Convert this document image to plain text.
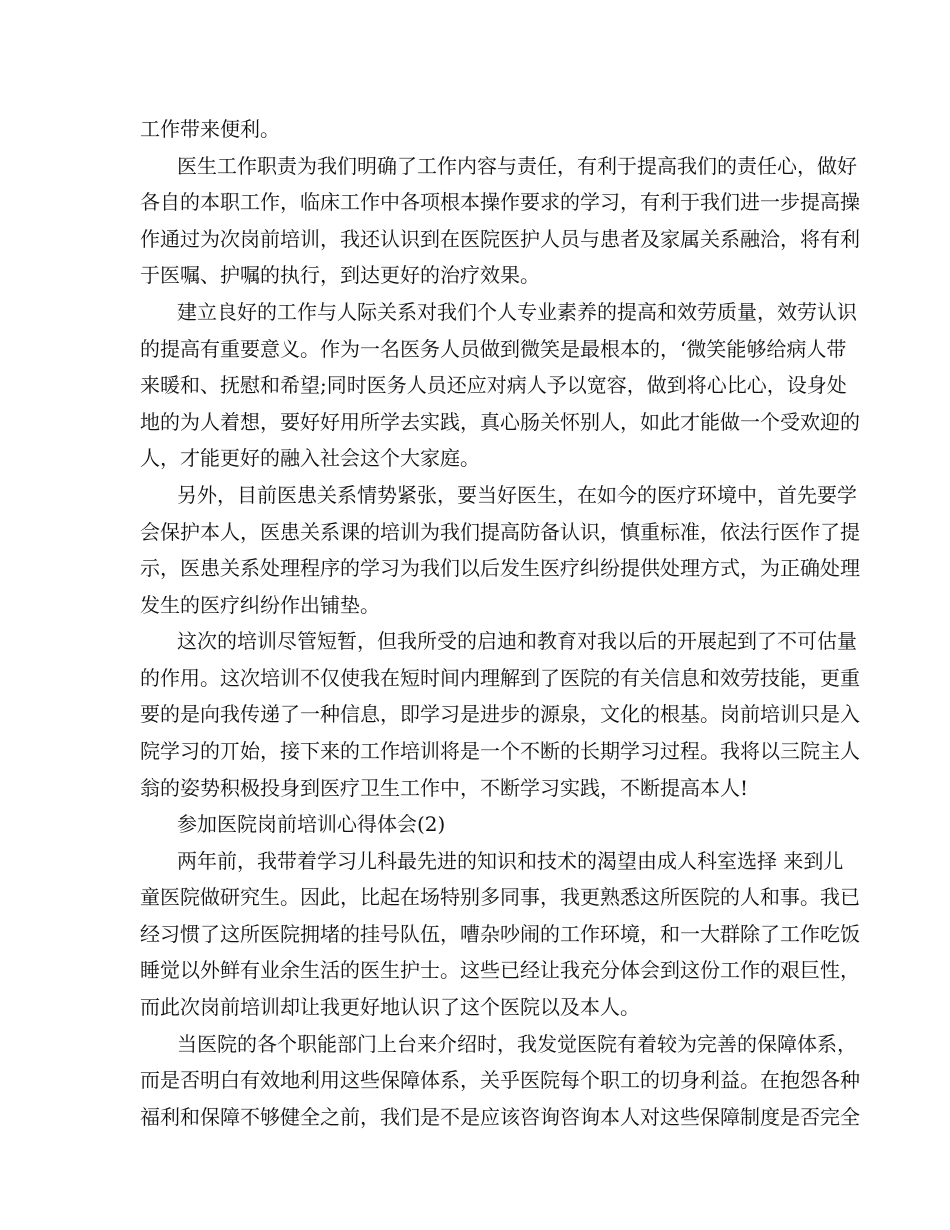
工作带来便利。
医生工作职责为我们明确了工作内容与责任，有利于提高我们的责任心，做好
各自的本职工作，临床工作中各项根本操作要求的学习，有利于我们进一步提高操
作通过为次岗前培训，我还认识到在医院医护人员与患者及家属关系融洽，将有利
于医嘱、护嘱的执行，到达更好的治疗效果。
建立良好的工作与人际关系对我们个人专业素养的提高和效劳质量，效劳认识
的提高有重要意义。作为一名医务人员做到微笑是最根本的，‘微笑能够给病人带
来暖和、抚慰和希望;同时医务人员还应对病人予以宽容，做到将心比心，设身处
地的为人着想，要好好用所学去实践，真心肠关怀别人，如此才能做一个受欢迎的
人，才能更好的融入社会这个大家庭。
另外，目前医患关系情势紧张，要当好医生，在如今的医疗环境中，首先要学
会保护本人，医患关系课的培训为我们提高防备认识，慎重标准，依法行医作了提
示，医患关系处理程序的学习为我们以后发生医疗纠纷提供处理方式，为正确处理
发生的医疗纠纷作出铺垫。
这次的培训尽管短暂，但我所受的启迪和教育对我以后的开展起到了不可估量
的作用。这次培训不仅使我在短时间内理解到了医院的有关信息和效劳技能，更重
要的是向我传递了一种信息，即学习是进步的源泉，文化的根基。岗前培训只是入
院学习的丌始，接下来的工作培训将是一个不断的长期学习过程。我将以三院主人
翁的姿势积极投身到医疗卫生工作中，不断学习实践，不断提高本人!
参加医院岗前培训心得体会(2)
两年前，我带着学习儿科最先进的知识和技术的渴望由成人科室选择 来到儿
童医院做研究生。因此，比起在场特别多同事，我更熟悉这所医院的人和事。我已
经习惯了这所医院拥堵的挂号队伍，嘈杂吵闹的工作环境，和一大群除了工作吃饭
睡觉以外鲜有业余生活的医生护士。这些已经让我充分体会到这份工作的艰巨性，
而此次岗前培训却让我更好地认识了这个医院以及本人。
当医院的各个职能部门上台来介绍时，我发觉医院有着较为完善的保障体系，
而是否明白有效地利用这些保障体系，关乎医院每个职工的切身利益。在抱怨各种
福利和保障不够健全之前，我们是不是应该咨询咨询本人对这些保障制度是否完全
